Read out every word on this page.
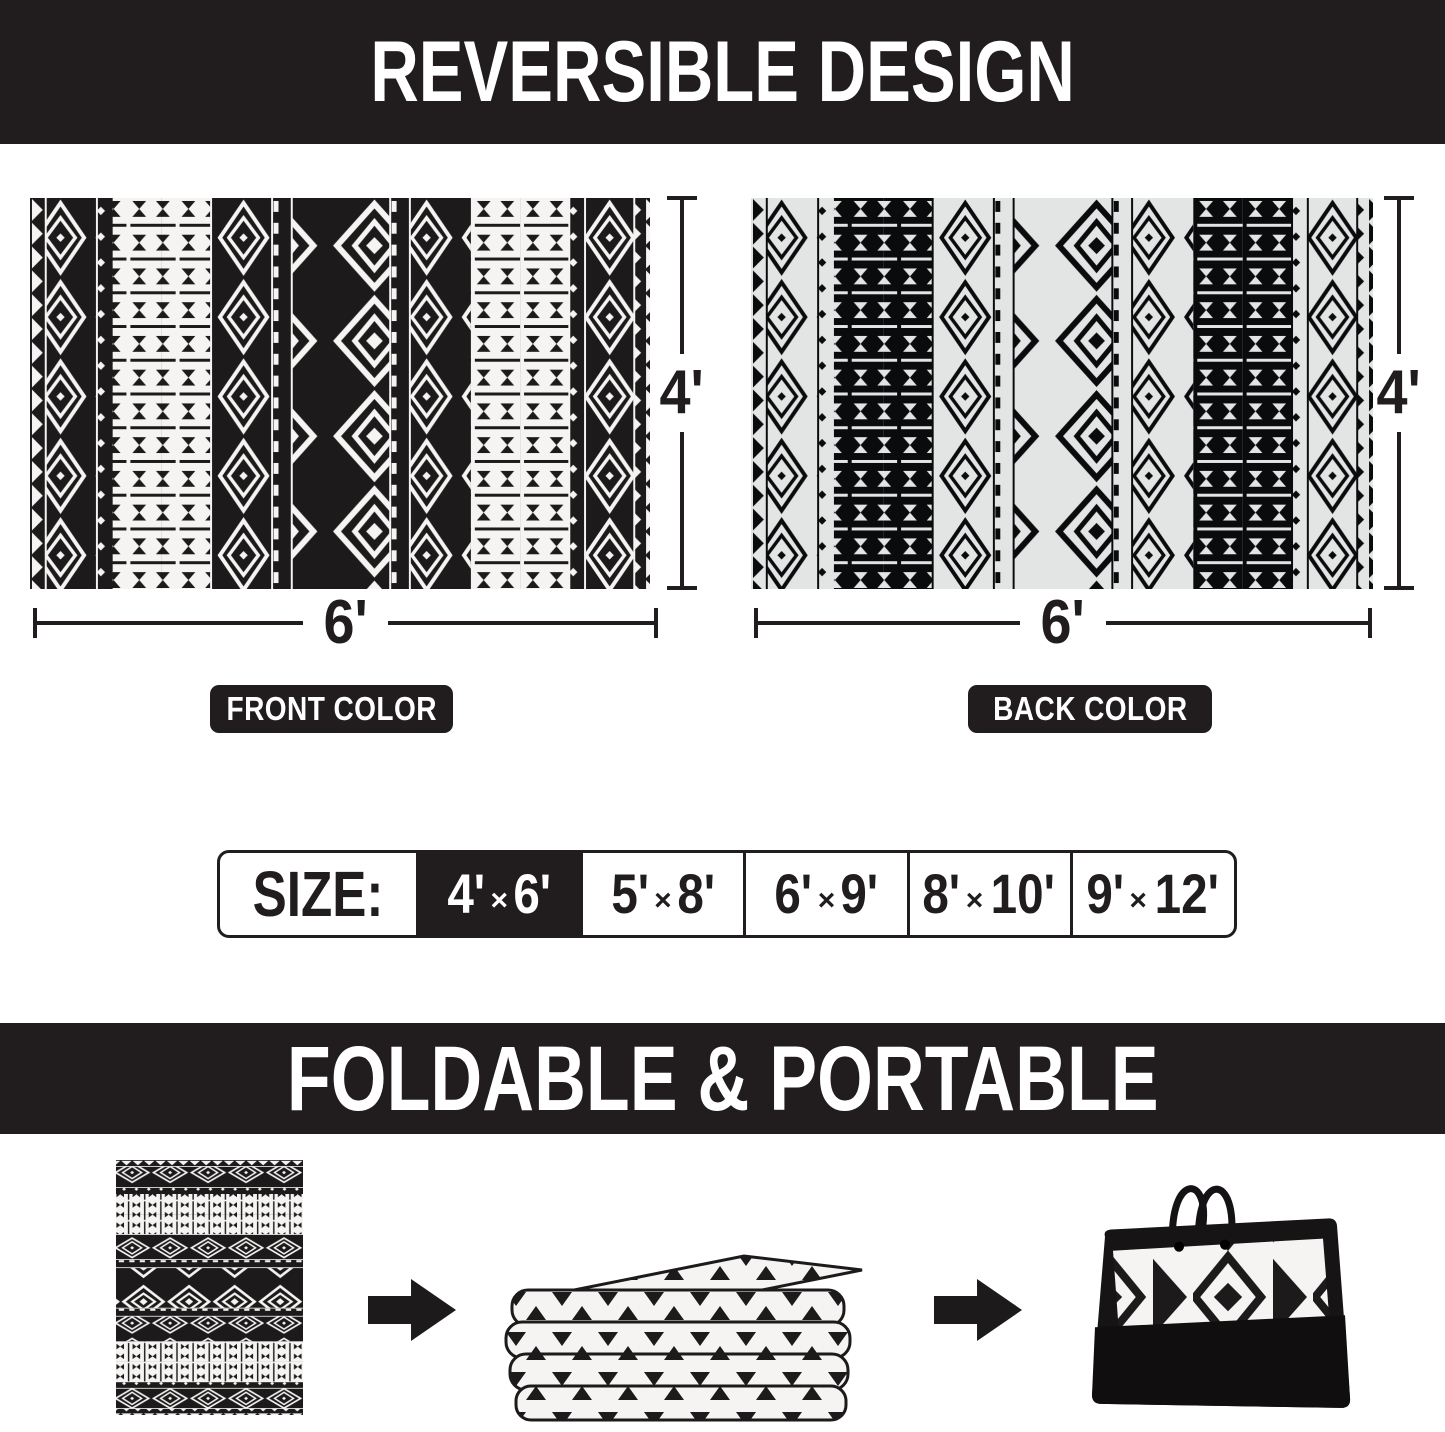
REVERSIBLE DESIGN
4'
6'
FRONT COLOR
4'
6'
BACK COLOR
SIZE: 4' × 6' 5' × 8' 6' × 9' 8' × 10' 9' × 12'
FOLDABLE & PORTABLE
